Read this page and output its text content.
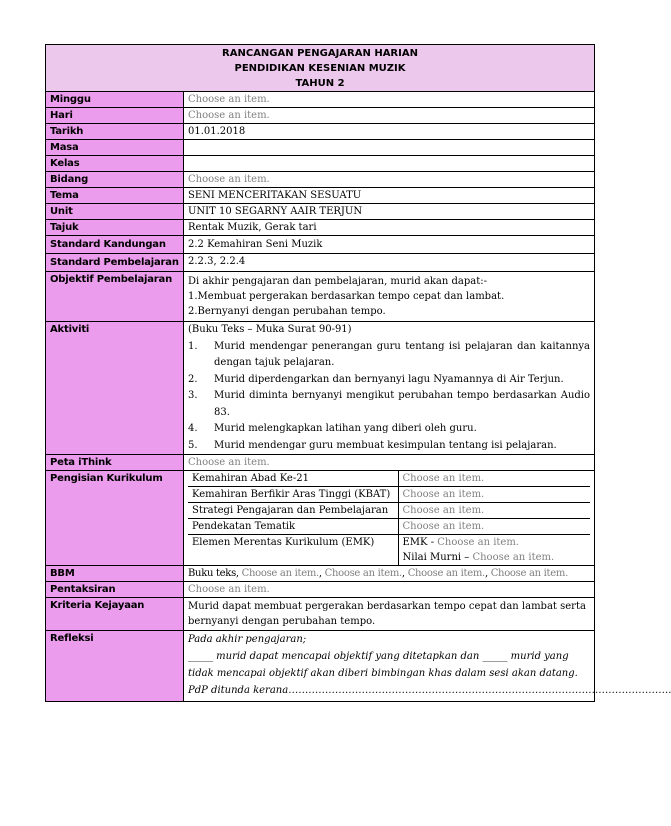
RANCANGAN PENGAJARAN HARIAN
PENDIDIKAN KESENIAN MUZIK
TAHUN 2

Minggu	Choose an item.
Hari	Choose an item.
Tarikh	01.01.2018
Masa	
Kelas	
Bidang	Choose an item.
Tema	SENI MENCERITAKAN SESUATU
Unit	UNIT 10 SEGARNY AAIR TERJUN
Tajuk	Rentak Muzik, Gerak tari
Standard Kandungan	2.2 Kemahiran Seni Muzik
Standard Pembelajaran	2.2.3, 2.2.4
Objektif Pembelajaran	Di akhir pengajaran dan pembelajaran, murid akan dapat:-
1.Membuat pergerakan berdasarkan tempo cepat dan lambat.
2.Bernyanyi dengan perubahan tempo.

Aktiviti	(Buku Teks – Muka Surat 90-91)
1. Murid mendengar penerangan guru tentang isi pelajaran dan kaitannya dengan tajuk pelajaran.
2. Murid diperdengarkan dan bernyanyi lagu Nyamannya di Air Terjun.
3. Murid diminta bernyanyi mengikut perubahan tempo berdasarkan Audio 83.
4. Murid melengkapkan latihan yang diberi oleh guru.
5. Murid mendengar guru membuat kesimpulan tentang isi pelajaran.

Peta iThink	Choose an item.
Pengisian Kurikulum		Kemahiran Abad Ke-21	Choose an item.
Kemahiran Berfikir Aras Tinggi (KBAT)	Choose an item.
Strategi Pengajaran dan Pembelajaran	Choose an item.
Pendekatan Tematik	Choose an item.
Elemen Merentas Kurikulum (EMK)	EMK - Choose an item.
Nilai Murni – Choose an item.

BBM	Buku teks, Choose an item., Choose an item., Choose an item., Choose an item.
Pentaksiran	Choose an item.
Kriteria Kejayaan	Murid dapat membuat pergerakan berdasarkan tempo cepat dan lambat serta bernyanyi dengan perubahan tempo.
Refleksi	Pada akhir pengajaran;
_____ murid dapat mencapai objektif yang ditetapkan dan _____ murid yang tidak mencapai objektif akan diberi bimbingan khas dalam sesi akan datang.
PdP ditunda kerana…………………………………………………………………………………………………….
